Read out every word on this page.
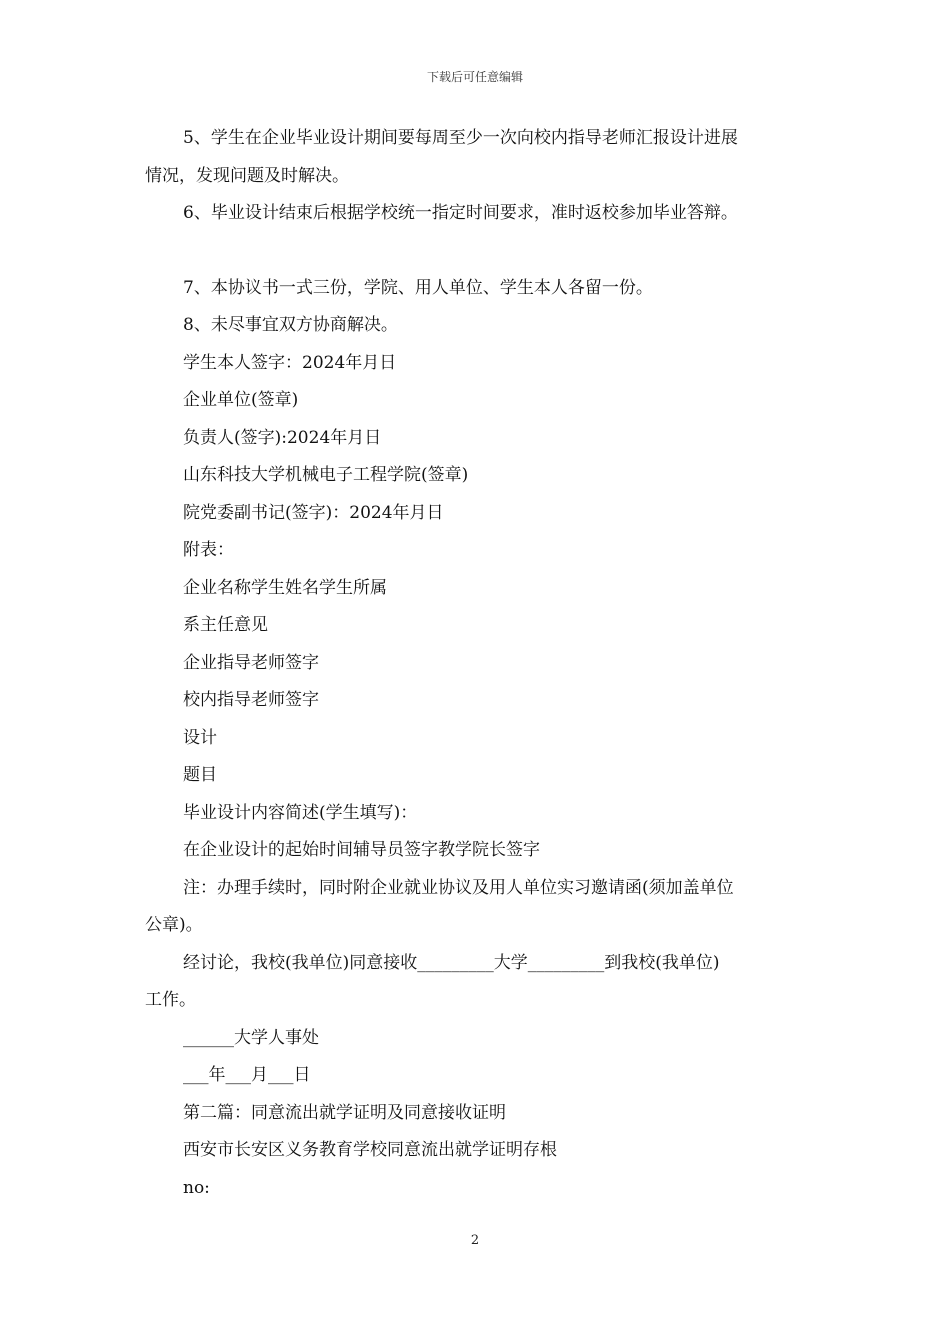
下载后可任意编辑

5、学生在企业毕业设计期间要每周至少一次向校内指导老师汇报设计进展

情况，发现问题及时解决。

6、毕业设计结束后根据学校统一指定时间要求，准时返校参加毕业答辩。

7、本协议书一式三份，学院、用人单位、学生本人各留一份。

8、未尽事宜双方协商解决。

学生本人签字：2024年月日

企业单位(签章)

负责人(签字):2024年月日

山东科技大学机械电子工程学院(签章)

院党委副书记(签字)：2024年月日

附表：

企业名称学生姓名学生所属

系主任意见

企业指导老师签字

校内指导老师签字

设计

题目

毕业设计内容简述(学生填写)：

在企业设计的起始时间辅导员签字教学院长签字

注：办理手续时，同时附企业就业协议及用人单位实习邀请函(须加盖单位

公章)。

经讨论，我校(我单位)同意接收_________大学_________到我校(我单位)

工作。

______大学人事处

___年___月___日

第二篇：同意流出就学证明及同意接收证明

西安市长安区义务教育学校同意流出就学证明存根

no:

2
